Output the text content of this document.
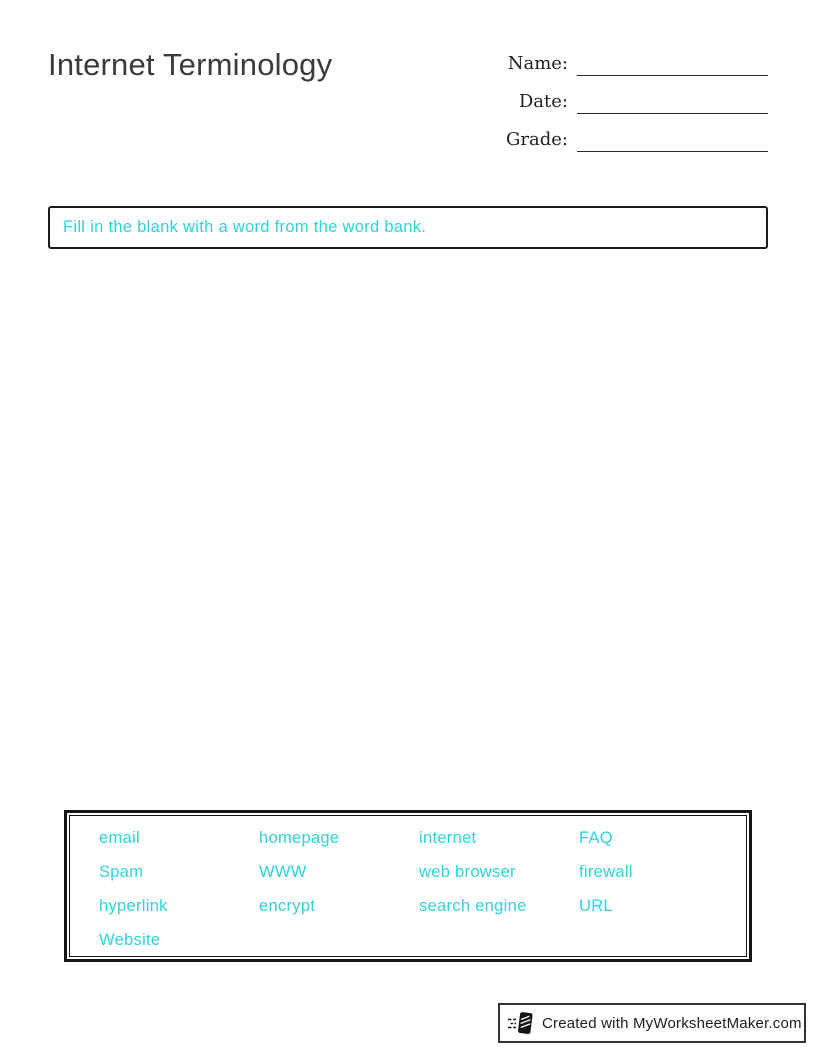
Internet Terminology	Name:
Date:
Grade:
Fill in the blank with a word from the word bank.
email	homepage	internet	FAQ
Spam	WWW	web browser	firewall
hyperlink	encrypt	search engine	URL
Website
Created with MyWorksheetMaker.com
